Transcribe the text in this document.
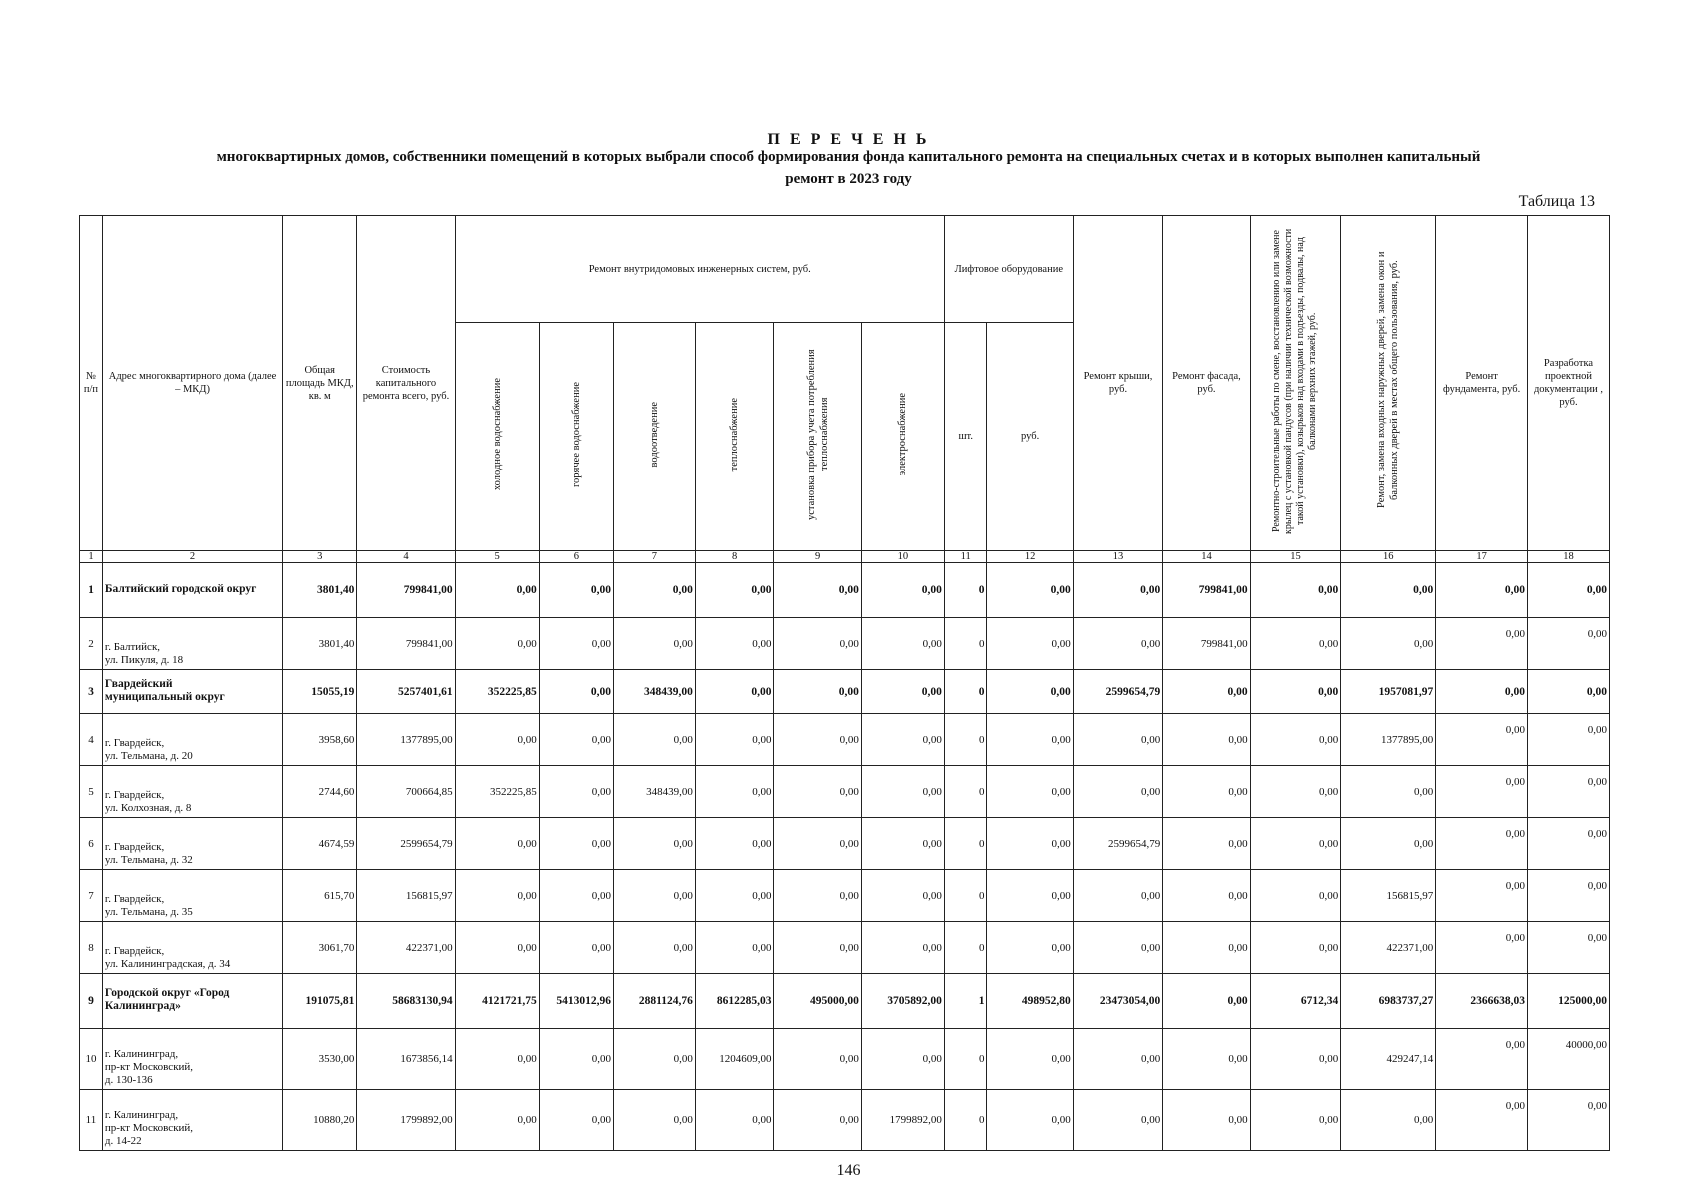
П Е Р Е Ч Е Н Ь
многоквартирных домов, собственники помещений в которых выбрали способ формирования фонда капитального ремонта на специальных счетах и в которых выполнен капитальный
ремонт в 2023 году
Таблица 13
№ п/п	Адрес многоквартирного дома (далее – МКД)	Общая площадь МКД, кв. м	Стоимость капитального ремонта всего, руб.	Ремонт внутридомовых инженерных систем, руб.						Лифтовое оборудование		Ремонт крыши, руб.	Ремонт фасада, руб.	Ремонтно-строительные работы по смене, восстановлению или замене крылец с установкой пандусов (при наличии технической возможности такой установки), козырьков над входами в подъезды, подвалы, над балконами верхних этажей, руб.	Ремонт, замена входных наружных дверей, замена окон и балконных дверей в местах общего пользования, руб.	Ремонт фундамента, руб.	Разработка проектной документации , руб.
				холодное водоснабжение	горячее водоснабжение	водоотведение	теплоснабжение	установка прибора учета потребления теплоснабжения	электроснабжение	шт.	руб.						
1	2	3	4	5	6	7	8	9	10	11	12	13	14	15	16	17	18
1	Балтийский городской округ	3801,40	799841,00	0,00	0,00	0,00	0,00	0,00	0,00	0	0,00	0,00	799841,00	0,00	0,00	0,00	0,00
2	г. Балтийск,
ул. Пикуля, д. 18	3801,40	799841,00	0,00	0,00	0,00	0,00	0,00	0,00	0	0,00	0,00	799841,00	0,00	0,00	0,00	0,00
3	Гвардейский
муниципальный округ	15055,19	5257401,61	352225,85	0,00	348439,00	0,00	0,00	0,00	0	0,00	2599654,79	0,00	0,00	1957081,97	0,00	0,00
4	г. Гвардейск,
ул. Тельмана, д. 20	3958,60	1377895,00	0,00	0,00	0,00	0,00	0,00	0,00	0	0,00	0,00	0,00	0,00	1377895,00	0,00	0,00
5	г. Гвардейск,
ул. Колхозная, д. 8	2744,60	700664,85	352225,85	0,00	348439,00	0,00	0,00	0,00	0	0,00	0,00	0,00	0,00	0,00	0,00	0,00
6	г. Гвардейск,
ул. Тельмана, д. 32	4674,59	2599654,79	0,00	0,00	0,00	0,00	0,00	0,00	0	0,00	2599654,79	0,00	0,00	0,00	0,00	0,00
7	г. Гвардейск,
ул. Тельмана, д. 35	615,70	156815,97	0,00	0,00	0,00	0,00	0,00	0,00	0	0,00	0,00	0,00	0,00	156815,97	0,00	0,00
8	г. Гвардейск,
ул. Калининградская, д. 34	3061,70	422371,00	0,00	0,00	0,00	0,00	0,00	0,00	0	0,00	0,00	0,00	0,00	422371,00	0,00	0,00
9	Городской округ «Город
Калининград»	191075,81	58683130,94	4121721,75	5413012,96	2881124,76	8612285,03	495000,00	3705892,00	1	498952,80	23473054,00	0,00	6712,34	6983737,27	2366638,03	125000,00
10	г. Калининград,
пр-кт Московский,
д. 130-136	3530,00	1673856,14	0,00	0,00	0,00	1204609,00	0,00	0,00	0	0,00	0,00	0,00	0,00	429247,14	0,00	40000,00
11	г. Калининград,
пр-кт Московский,
д. 14-22	10880,20	1799892,00	0,00	0,00	0,00	0,00	0,00	1799892,00	0	0,00	0,00	0,00	0,00	0,00	0,00	0,00
146
